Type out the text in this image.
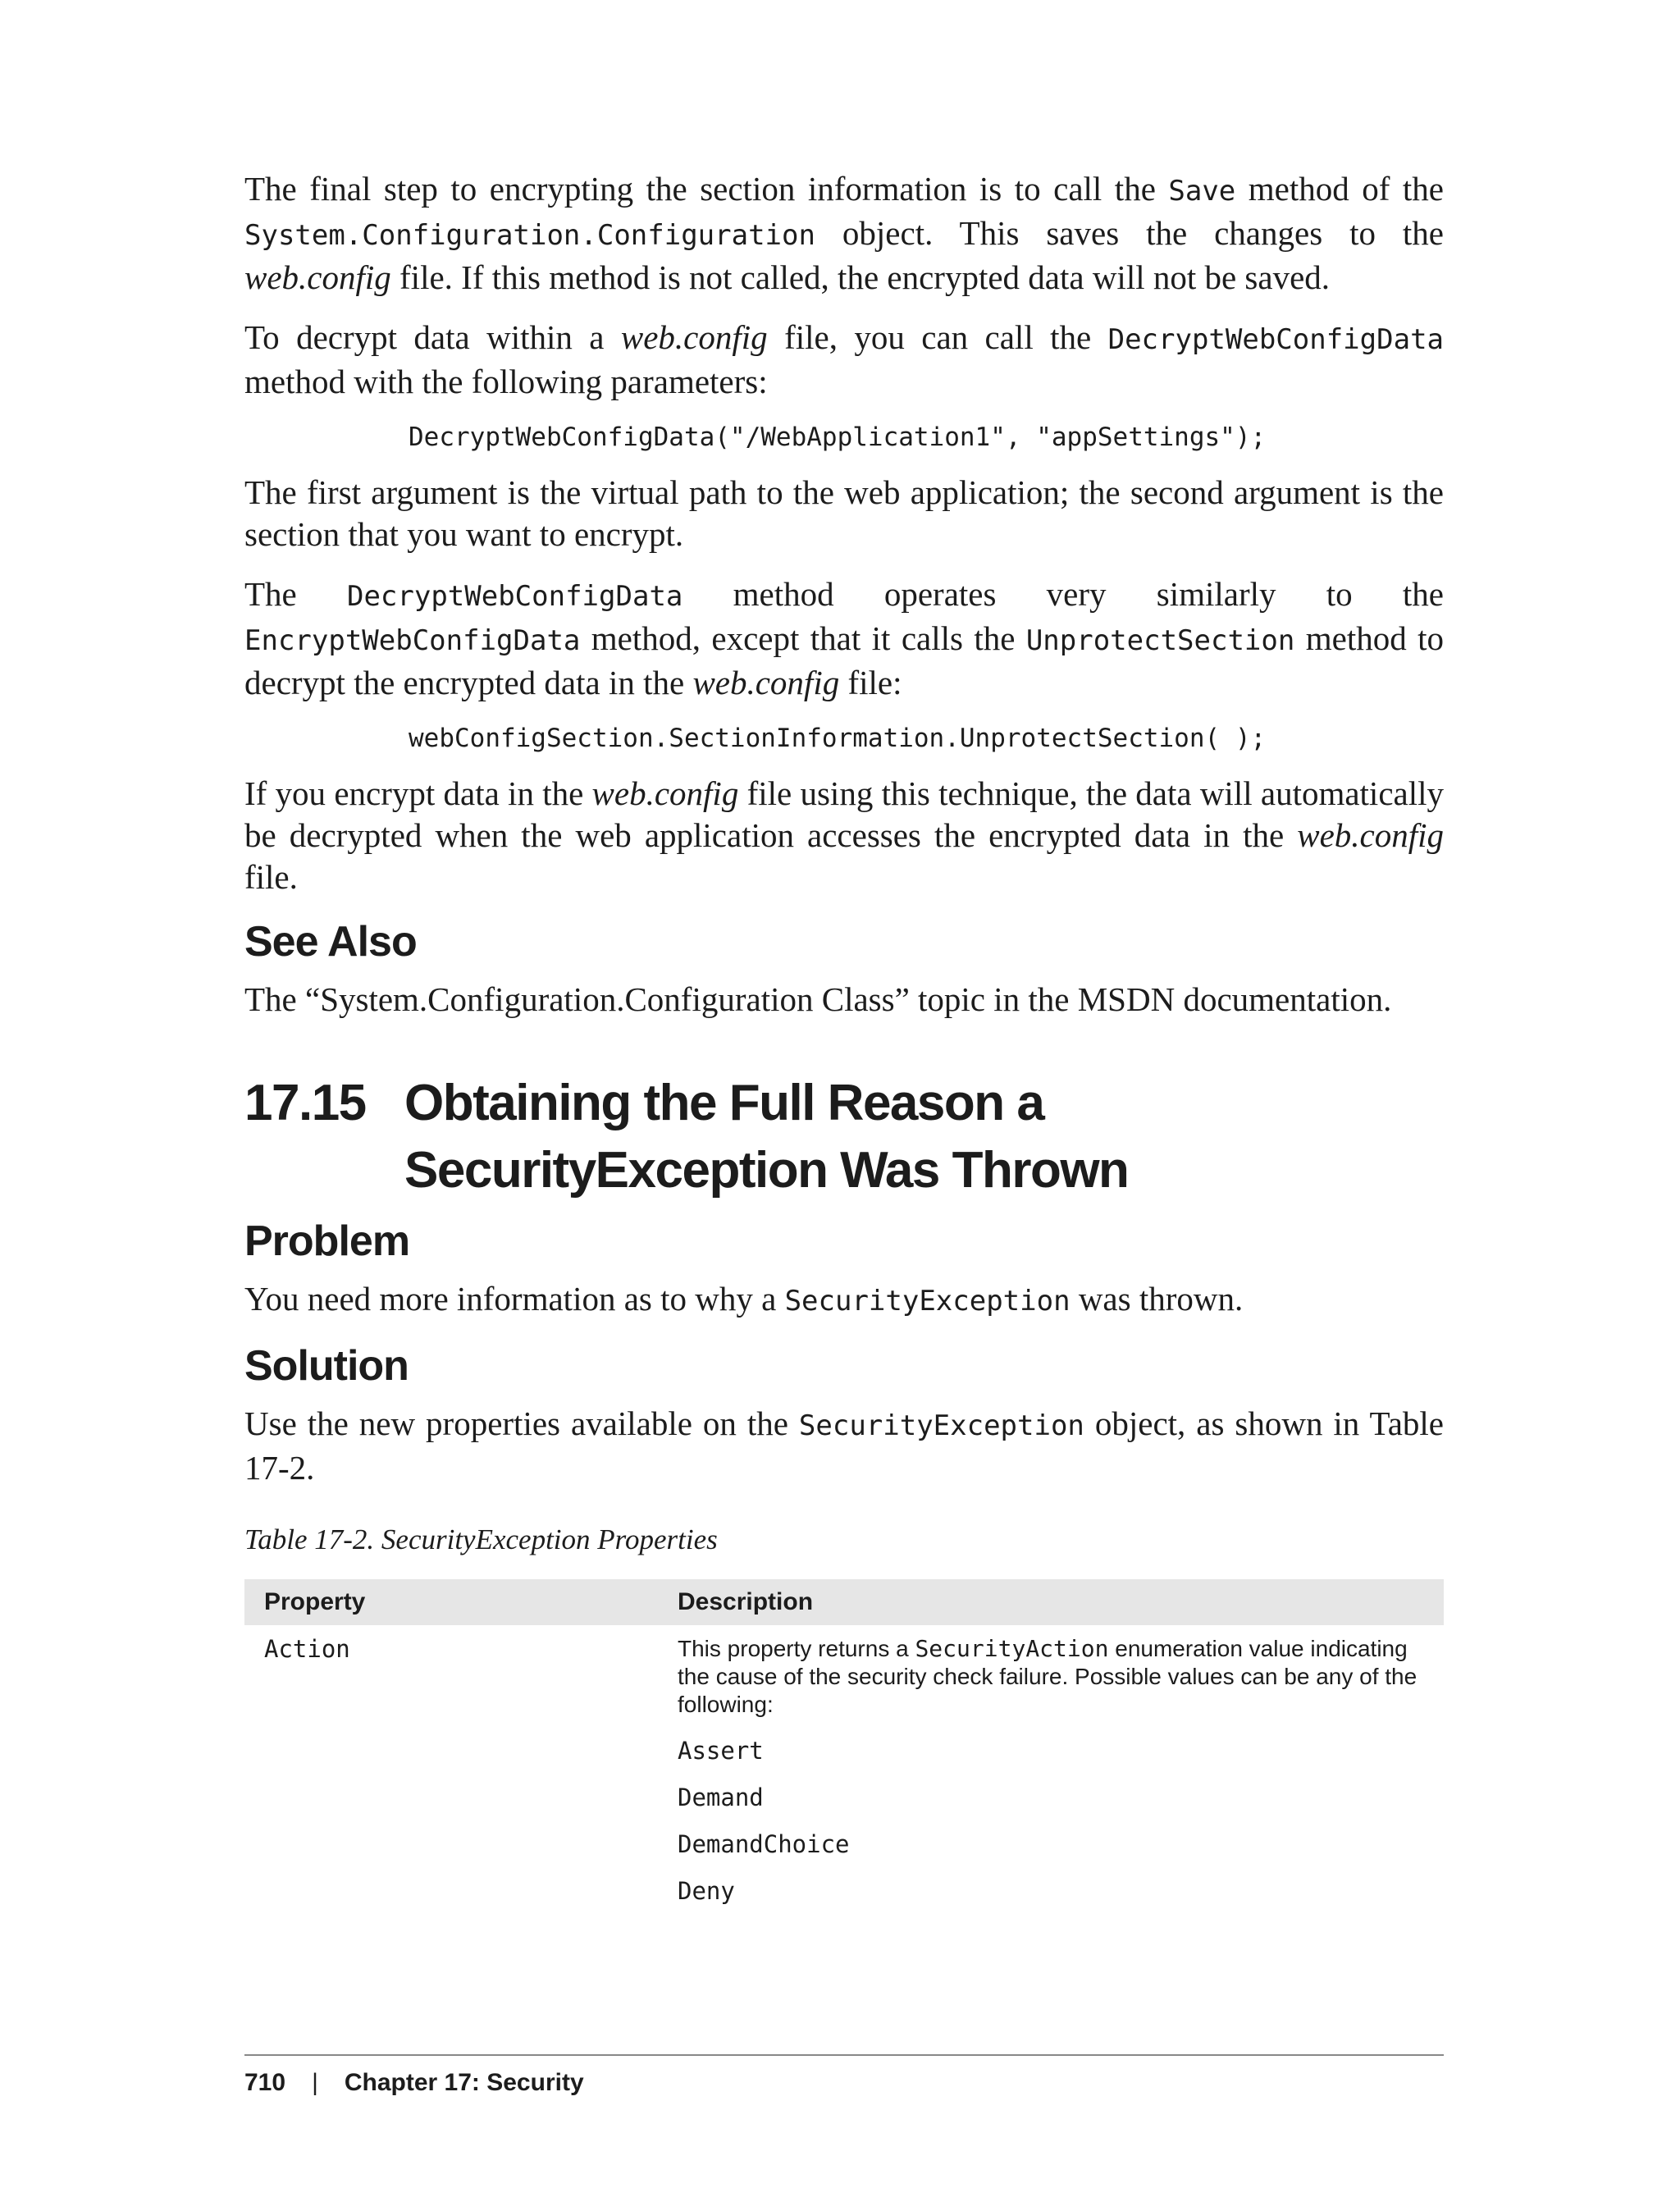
The final step to encrypting the section information is to call the Save method of the System.Configuration.Configuration object. This saves the changes to the web.config file. If this method is not called, the encrypted data will not be saved.

To decrypt data within a web.config file, you can call the DecryptWebConfigData method with the following parameters:

DecryptWebConfigData("/WebApplication1", "appSettings");

The first argument is the virtual path to the web application; the second argument is the section that you want to encrypt.

The DecryptWebConfigData method operates very similarly to the EncryptWebConfigData method, except that it calls the UnprotectSection method to decrypt the encrypted data in the web.config file:

webConfigSection.SectionInformation.UnprotectSection( );

If you encrypt data in the web.config file using this technique, the data will automatically be decrypted when the web application accesses the encrypted data in the web.config file.

See Also

The “System.Configuration.Configuration Class” topic in the MSDN documentation.

17.15 Obtaining the Full Reason a SecurityException Was Thrown
Problem

You need more information as to why a SecurityException was thrown.

Solution

Use the new properties available on the SecurityException object, as shown in Table 17-2.

Table 17-2. SecurityException Properties
Property	Description
Action	This property returns a SecurityAction enumeration value indicating the cause of the security check failure. Possible values can be any of the following:
Assert
Demand
DemandChoice
Deny
710 | Chapter 17: Security
